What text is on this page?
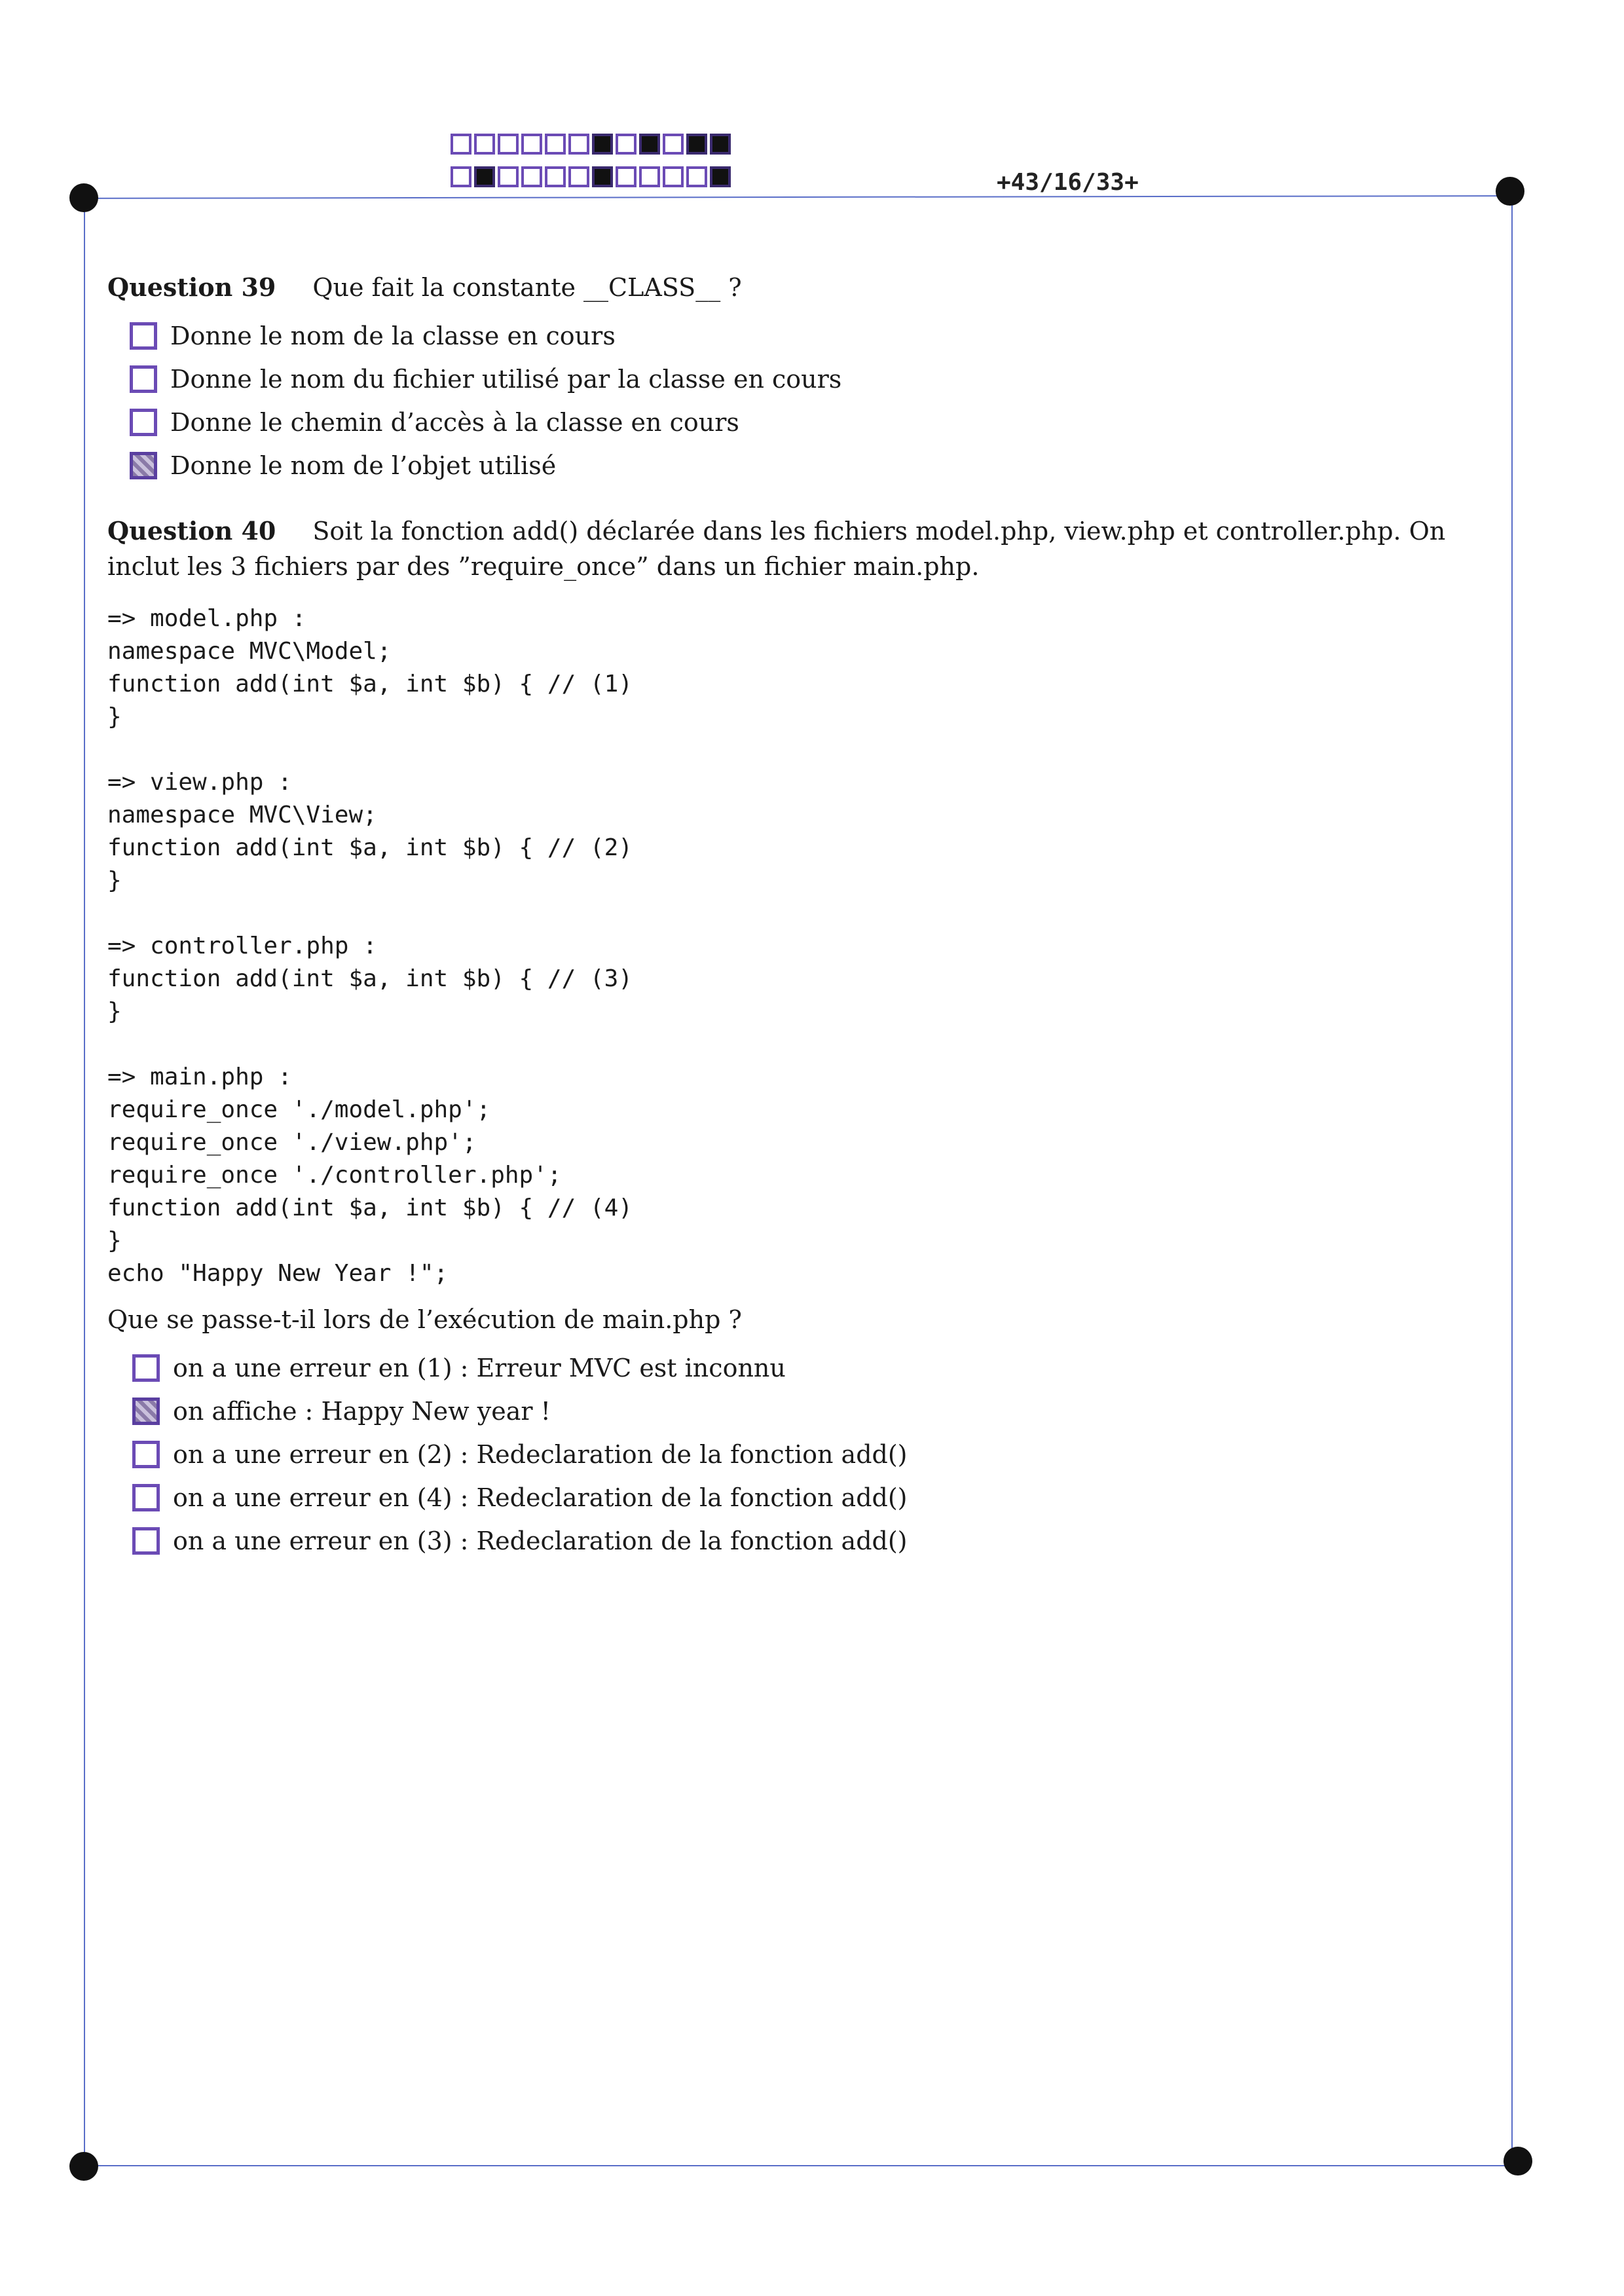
+43/16/33+
Question 39 Que fait la constante __CLASS__ ?
Donne le nom de la classe en cours
Donne le nom du fichier utilisé par la classe en cours
Donne le chemin d’accès à la classe en cours
Donne le nom de l’objet utilisé
Question 40 Soit la fonction add() déclarée dans les fichiers model.php, view.php et controller.php. On inclut les 3 fichiers par des ”require_once” dans un fichier main.php.
=> model.php :
namespace MVC\Model;
function add(int $a, int $b) { // (1)
}
=> view.php :
namespace MVC\View;
function add(int $a, int $b) { // (2)
}
=> controller.php :
function add(int $a, int $b) { // (3)
}
=> main.php :
require_once './model.php';
require_once './view.php';
require_once './controller.php';
function add(int $a, int $b) { // (4)
}
echo "Happy New Year !";
Que se passe-t-il lors de l’exécution de main.php ?
on a une erreur en (1) : Erreur MVC est inconnu
on affiche : Happy New year !
on a une erreur en (2) : Redeclaration de la fonction add()
on a une erreur en (4) : Redeclaration de la fonction add()
on a une erreur en (3) : Redeclaration de la fonction add()
